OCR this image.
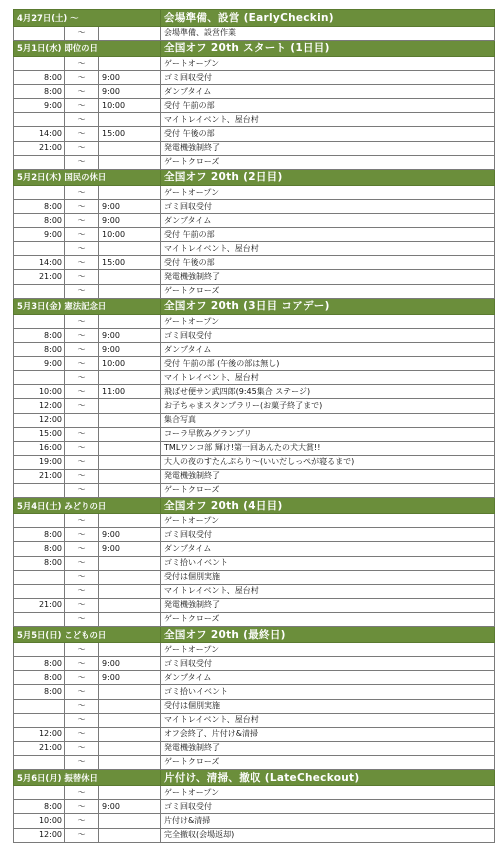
4月27日(土) ～			会場準備、設営 (EarlyCheckin)
	～		会場準備、設営作業
5月1日(水) 即位の日			全国オフ 20th スタート (1日目)
	～		ゲートオープン
8:00	～	9:00	ゴミ回収受付
8:00	～	9:00	ダンプタイム
9:00	～	10:00	受付 午前の部
	～		マイトレイベント、屋台村
14:00	～	15:00	受付 午後の部
21:00	～		発電機強制終了
	～		ゲートクローズ
5月2日(木) 国民の休日			全国オフ 20th (2日目)
	～		ゲートオープン
8:00	～	9:00	ゴミ回収受付
8:00	～	9:00	ダンプタイム
9:00	～	10:00	受付 午前の部
	～		マイトレイベント、屋台村
14:00	～	15:00	受付 午後の部
21:00	～		発電機強制終了
	～		ゲートクローズ
5月3日(金) 憲法記念日			全国オフ 20th (3日目 コアデー)
	～		ゲートオープン
8:00	～	9:00	ゴミ回収受付
8:00	～	9:00	ダンプタイム
9:00	～	10:00	受付 午前の部 (午後の部は無し)
	～		マイトレイベント、屋台村
10:00	～	11:00	飛ばせ便サン武四郎(9:45集合 ステージ)
12:00	～		お子ちゃまスタンプラリー(お菓子終了まで)
12:00			集合写真
15:00	～		コーラ早飲みグランプリ
16:00	～		TMLワンコ部 輝け!第一回あんたの犬大賞!!
19:00	～		大人の夜のすたんぷらり～(いいだしっぺが寝るまで)
21:00	～		発電機強制終了
	～		ゲートクローズ
5月4日(土) みどりの日			全国オフ 20th (4日目)
	～		ゲートオープン
8:00	～	9:00	ゴミ回収受付
8:00	～	9:00	ダンプタイム
8:00	～		ゴミ拾いイベント
	～		受付は個別実施
	～		マイトレイベント、屋台村
21:00	～		発電機強制終了
	～		ゲートクローズ
5月5日(日) こどもの日			全国オフ 20th (最終日)
	～		ゲートオープン
8:00	～	9:00	ゴミ回収受付
8:00	～	9:00	ダンプタイム
8:00	～		ゴミ拾いイベント
	～		受付は個別実施
	～		マイトレイベント、屋台村
12:00	～		オフ会終了、片付け&清掃
21:00	～		発電機強制終了
	～		ゲートクローズ
5月6日(月) 振替休日			片付け、清掃、撤収 (LateCheckout)
	～		ゲートオープン
8:00	～	9:00	ゴミ回収受付
10:00	～		片付け&清掃
12:00	～		完全撤収(会場返却)
